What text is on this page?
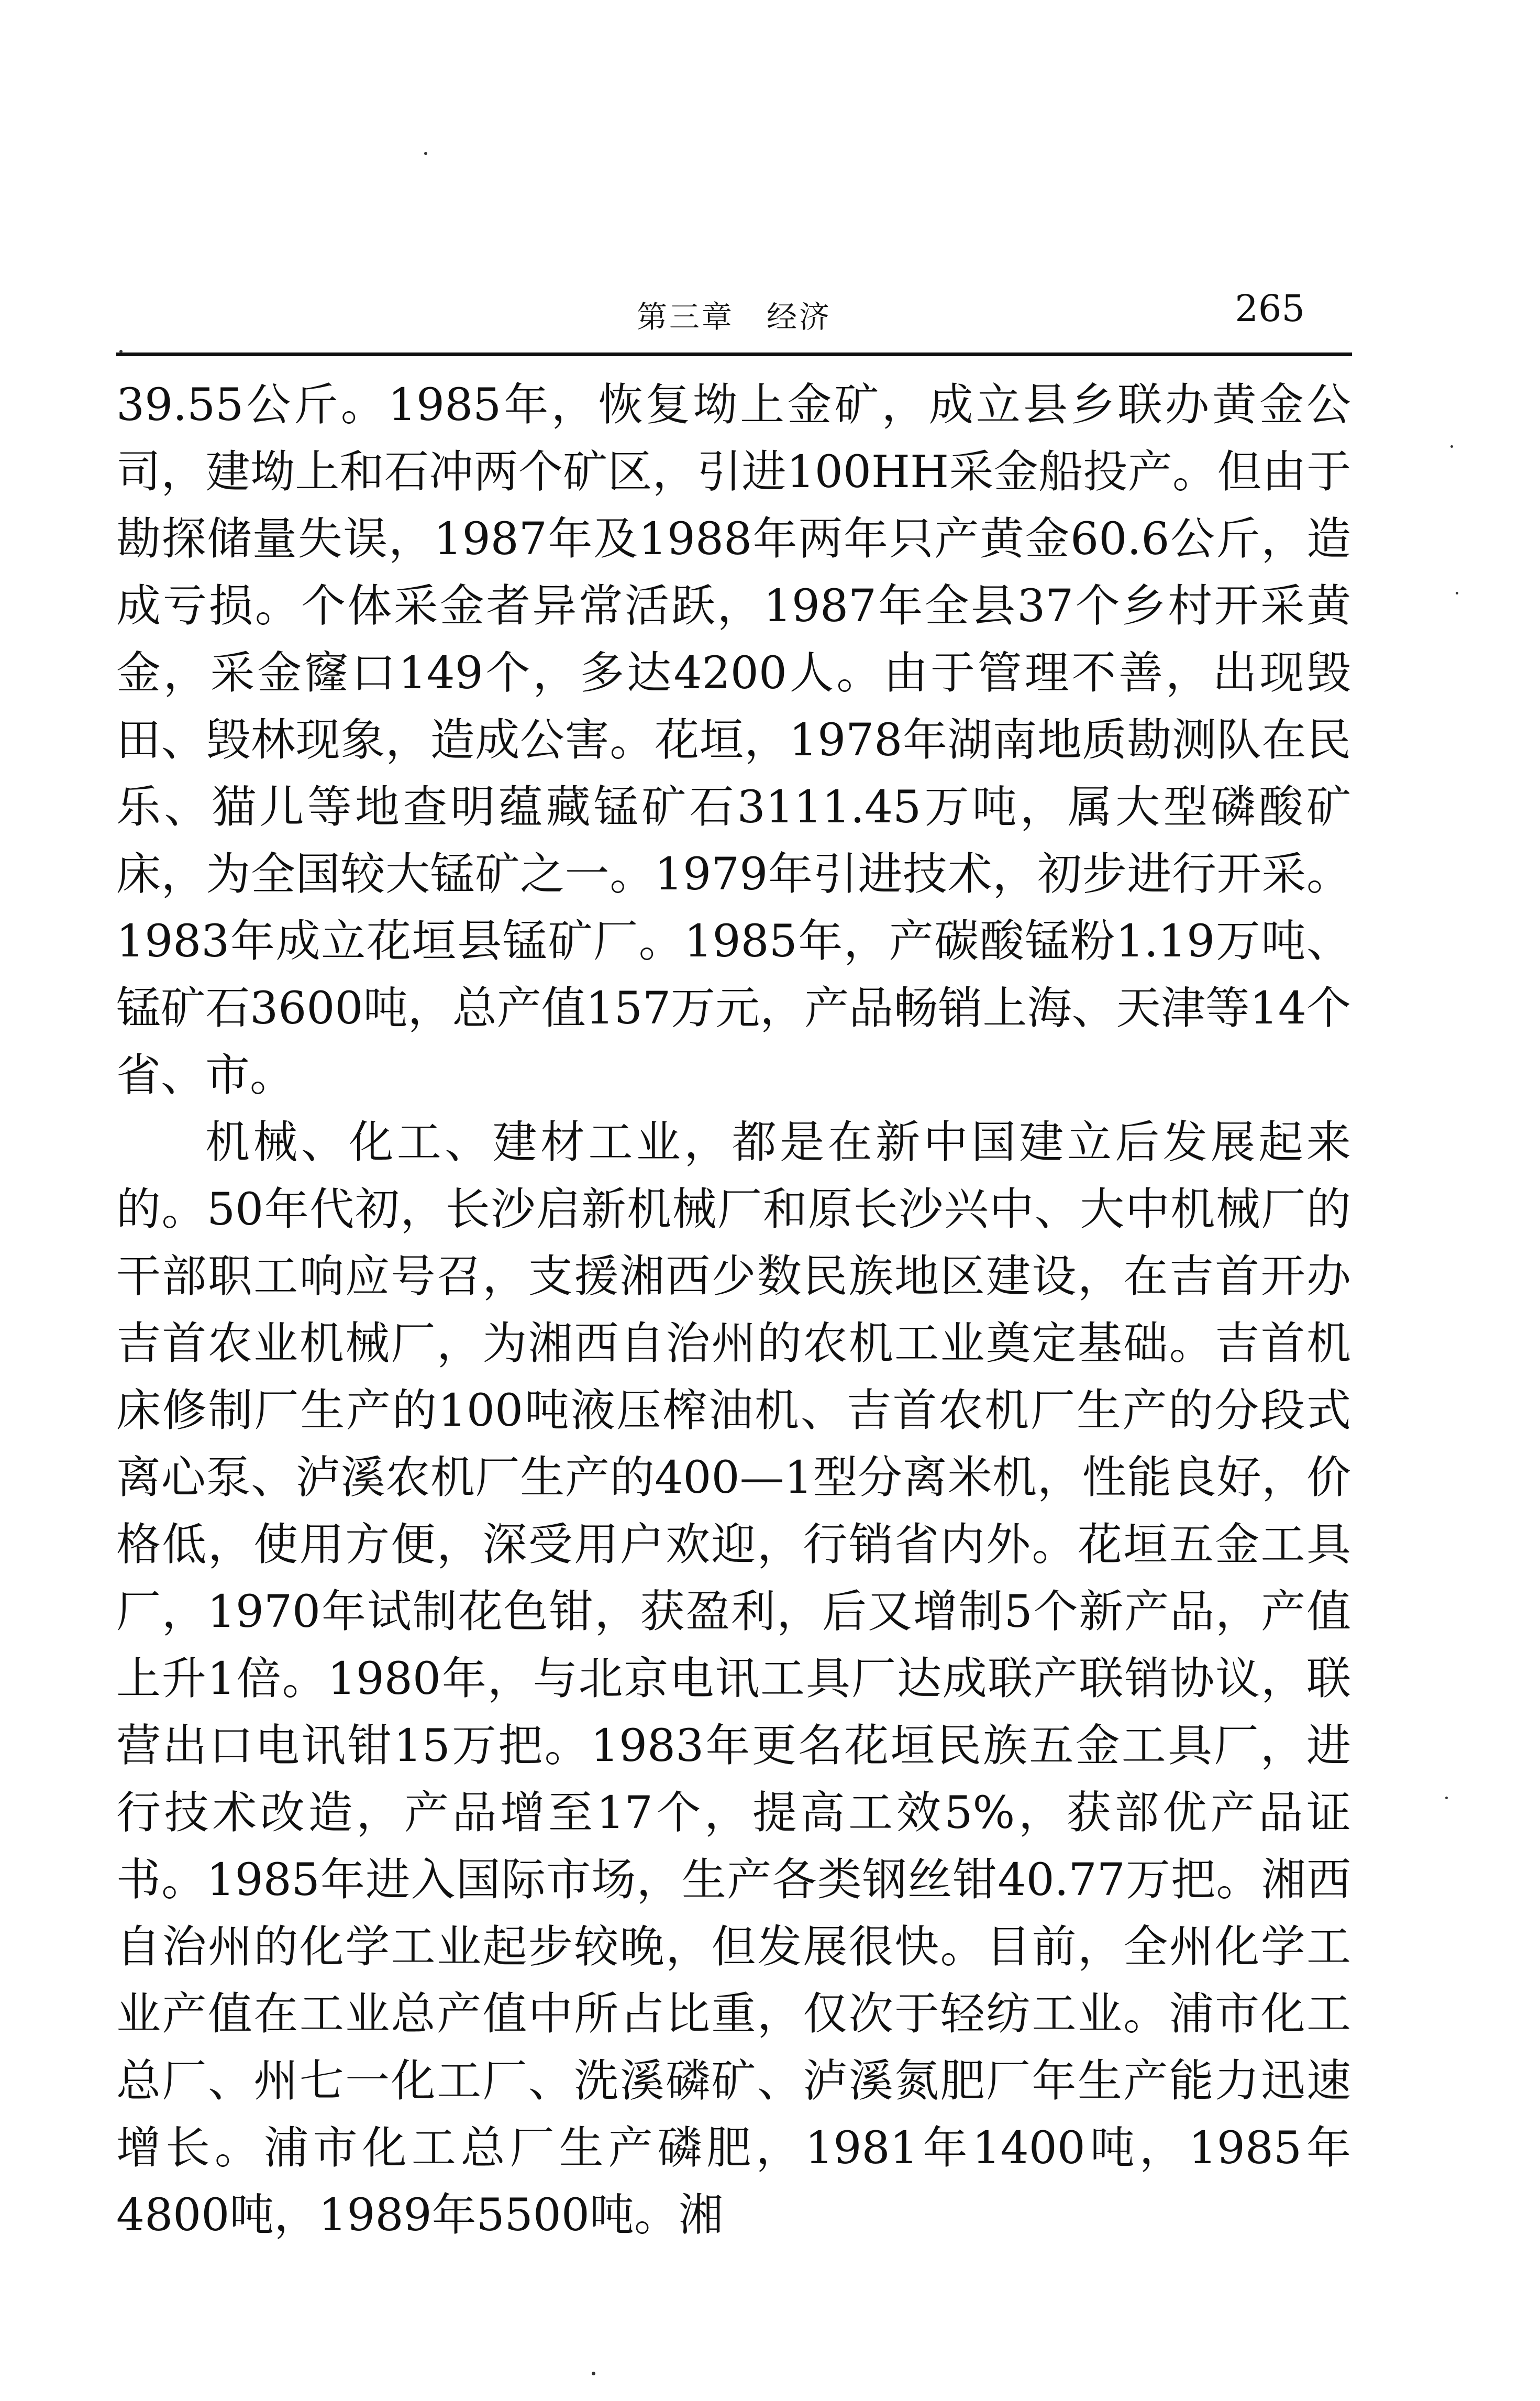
第三章　经济	265

39.55公斤。1985年，恢复坳上金矿，成立县乡联办黄金公司，建坳上和石冲两个矿区，引进100HH采金船投产。但由于勘探储量失误，1987年及1988年两年只产黄金60.6公斤，造成亏损。个体采金者异常活跃，1987年全县37个乡村开采黄金，采金窿口149个，多达4200人。由于管理不善，出现毁田、毁林现象，造成公害。花垣，1978年湖南地质勘测队在民乐、猫儿等地查明蕴藏锰矿石3111.45万吨，属大型磷酸矿床，为全国较大锰矿之一。1979年引进技术，初步进行开采。1983年成立花垣县锰矿厂。1985年，产碳酸锰粉1.19万吨、锰矿石3600吨，总产值157万元，产品畅销上海、天津等14个省、市。

机械、化工、建材工业，都是在新中国建立后发展起来的。50年代初，长沙启新机械厂和原长沙兴中、大中机械厂的干部职工响应号召，支援湘西少数民族地区建设，在吉首开办吉首农业机械厂，为湘西自治州的农机工业奠定基础。吉首机床修制厂生产的100吨液压榨油机、吉首农机厂生产的分段式离心泵、泸溪农机厂生产的400—1型分离米机，性能良好，价格低，使用方便，深受用户欢迎，行销省内外。花垣五金工具厂，1970年试制花色钳，获盈利，后又增制5个新产品，产值上升1倍。1980年，与北京电讯工具厂达成联产联销协议，联营出口电讯钳15万把。1983年更名花垣民族五金工具厂，进行技术改造，产品增至17个，提高工效5%，获部优产品证书。1985年进入国际市场，生产各类钢丝钳40.77万把。湘西自治州的化学工业起步较晚，但发展很快。目前，全州化学工业产值在工业总产值中所占比重，仅次于轻纺工业。浦市化工总厂、州七一化工厂、洗溪磷矿、泸溪氮肥厂年生产能力迅速增长。浦市化工总厂生产磷肥，1981年1400吨，1985年4800吨，1989年5500吨。湘
